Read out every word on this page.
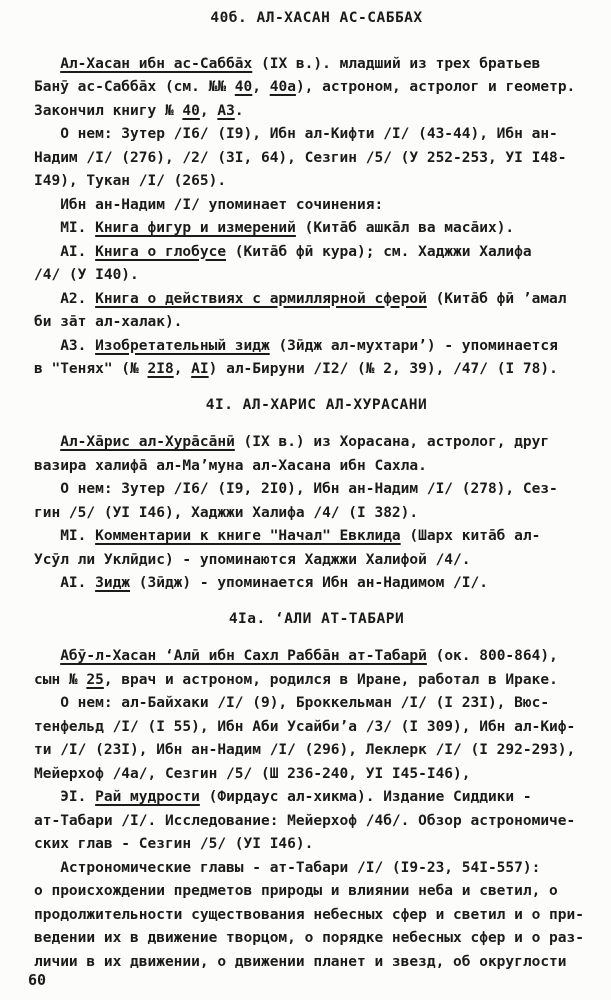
40б. АЛ-ХАСАН АС-САББАХ
Ал-Хасан ибн ас-Сабба̄х (IX в.). младший из трех братьев
Банӯ ас-Сабба̄х (см. №№ 40, 40а), астроном, астролог и геометр.
Закончил книгу № 40, А3.
О нем: Зутер /I6/ (I9), Ибн ал-Кифти /I/ (43-44), Ибн ан-
Надим /I/ (276), /2/ (3I, 64), Сезгин /5/ (У 252-253, УI I48-
I49), Тукан /I/ (265).
Ибн ан-Надим /I/ упоминает сочинения:
МI. Книга фигур и измерений (Кита̄б ашка̄л ва маса̄их).
АI. Книга о глобусе (Кита̄б фӣ кура); см. Хаджжи Халифа
/4/ (У I40).
А2. Книга о действиях с армиллярной сферой (Кита̄б фӣ ’амал
би за̄т ал-халак).
А3. Изобретательный зидж (Зӣдж ал-мухтари’) - упоминается
в "Тенях" (№ 2I8, АI) ал-Бируни /I2/ (№ 2, 39), /47/ (I 78).
4I. АЛ-ХАРИС АЛ-ХУРАСАНИ
Ал-Ха̄рис ал-Хура̄са̄нӣ (IX в.) из Хорасана, астролог, друг
вазира халифа̄ ал-Ма’муна ал-Хасана ибн Сахла.
О нем: Зутер /I6/ (I9, 2I0), Ибн ан-Надим /I/ (278), Сез-
гин /5/ (УI I46), Хаджжи Халифа /4/ (I 382).
МI. Комментарии к книге "Начал" Евклида (Шарх кита̄б ал-
Усӯл ли Уклӣдис) - упоминаются Хаджжи Халифой /4/.
АI. Зидж (Зӣдж) - упоминается Ибн ан-Надимом /I/.
4Iа. ‘АЛИ АТ-ТАБАРИ
Абӯ-л-Хасан ‘Алӣ ибн Сахл Рабба̄н ат-Табарӣ (ок. 800-864),
сын № 25, врач и астроном, родился в Иране, работал в Ираке.
О нем: ал-Байхаки /I/ (9), Броккельман /I/ (I 23I), Вюс-
тенфельд /I/ (I 55), Ибн Аби Усайби’а /3/ (I 309), Ибн ал-Киф-
ти /I/ (23I), Ибн ан-Надим /I/ (296), Леклерк /I/ (I 292-293),
Мейерхоф /4а/, Сезгин /5/ (Ш 236-240, УI I45-I46),
ЭI. Рай мудрости (Фирдаус ал-хикма). Издание Сиддики -
ат-Табари /I/. Исследование: Мейерхоф /4б/. Обзор астрономиче-
ских глав - Сезгин /5/ (УI I46).
Астрономические главы - ат-Табари /I/ (I9-23, 54I-557):
о происхождении предметов природы и влиянии неба и светил, о
продолжительности существования небесных сфер и светил и о при-
ведении их в движение творцом, о порядке небесных сфер и о раз-
личии в их движении, о движении планет и звезд, об округлости
60
